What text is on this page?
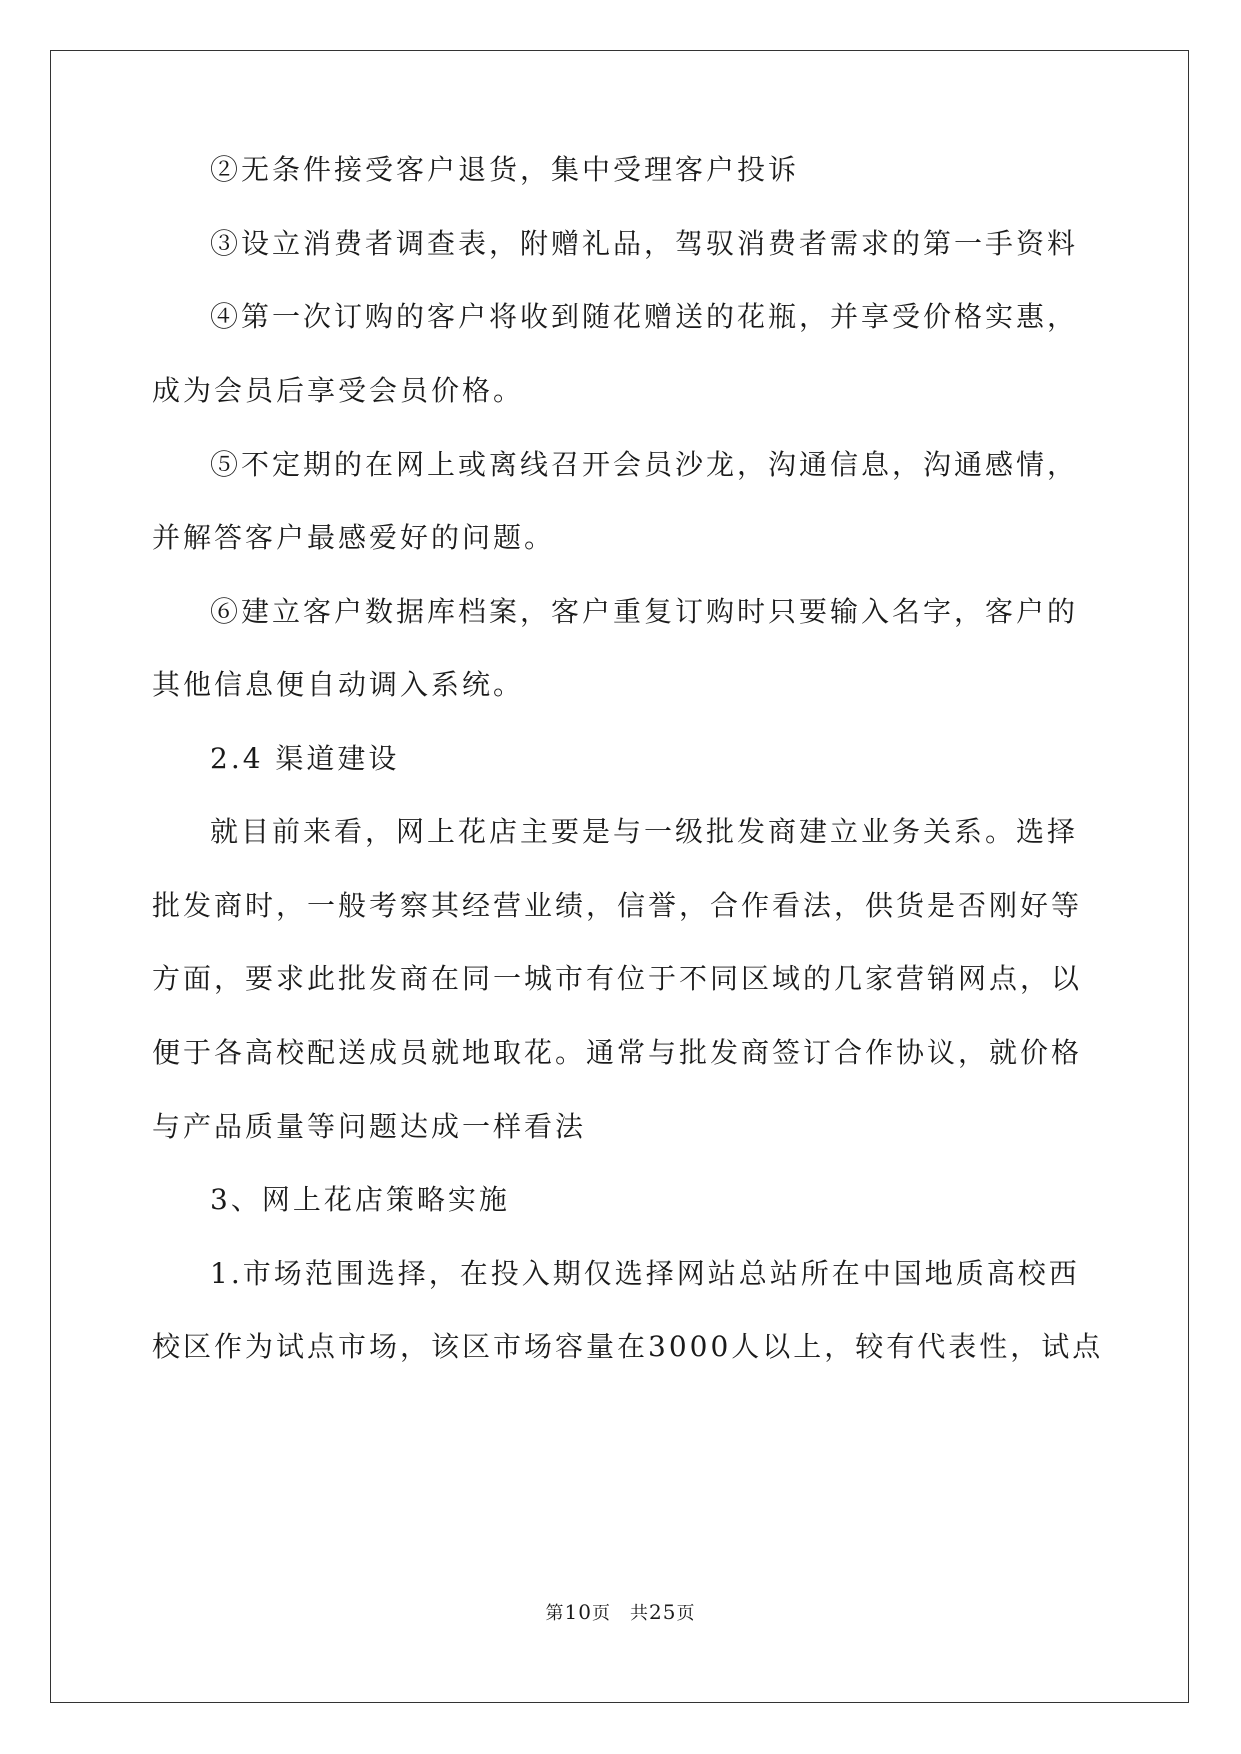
②无条件接受客户退货，集中受理客户投诉
③设立消费者调查表，附赠礼品，驾驭消费者需求的第一手资料
④第一次订购的客户将收到随花赠送的花瓶，并享受价格实惠，
成为会员后享受会员价格。
⑤不定期的在网上或离线召开会员沙龙，沟通信息，沟通感情，
并解答客户最感爱好的问题。
⑥建立客户数据库档案，客户重复订购时只要输入名字，客户的
其他信息便自动调入系统。
2.4 渠道建设
就目前来看，网上花店主要是与一级批发商建立业务关系。选择
批发商时，一般考察其经营业绩，信誉，合作看法，供货是否刚好等
方面，要求此批发商在同一城市有位于不同区域的几家营销网点，以
便于各高校配送成员就地取花。通常与批发商签订合作协议，就价格
与产品质量等问题达成一样看法
3、网上花店策略实施
1.市场范围选择，在投入期仅选择网站总站所在中国地质高校西
校区作为试点市场，该区市场容量在3000人以上，较有代表性，试点
第10页　共25页
